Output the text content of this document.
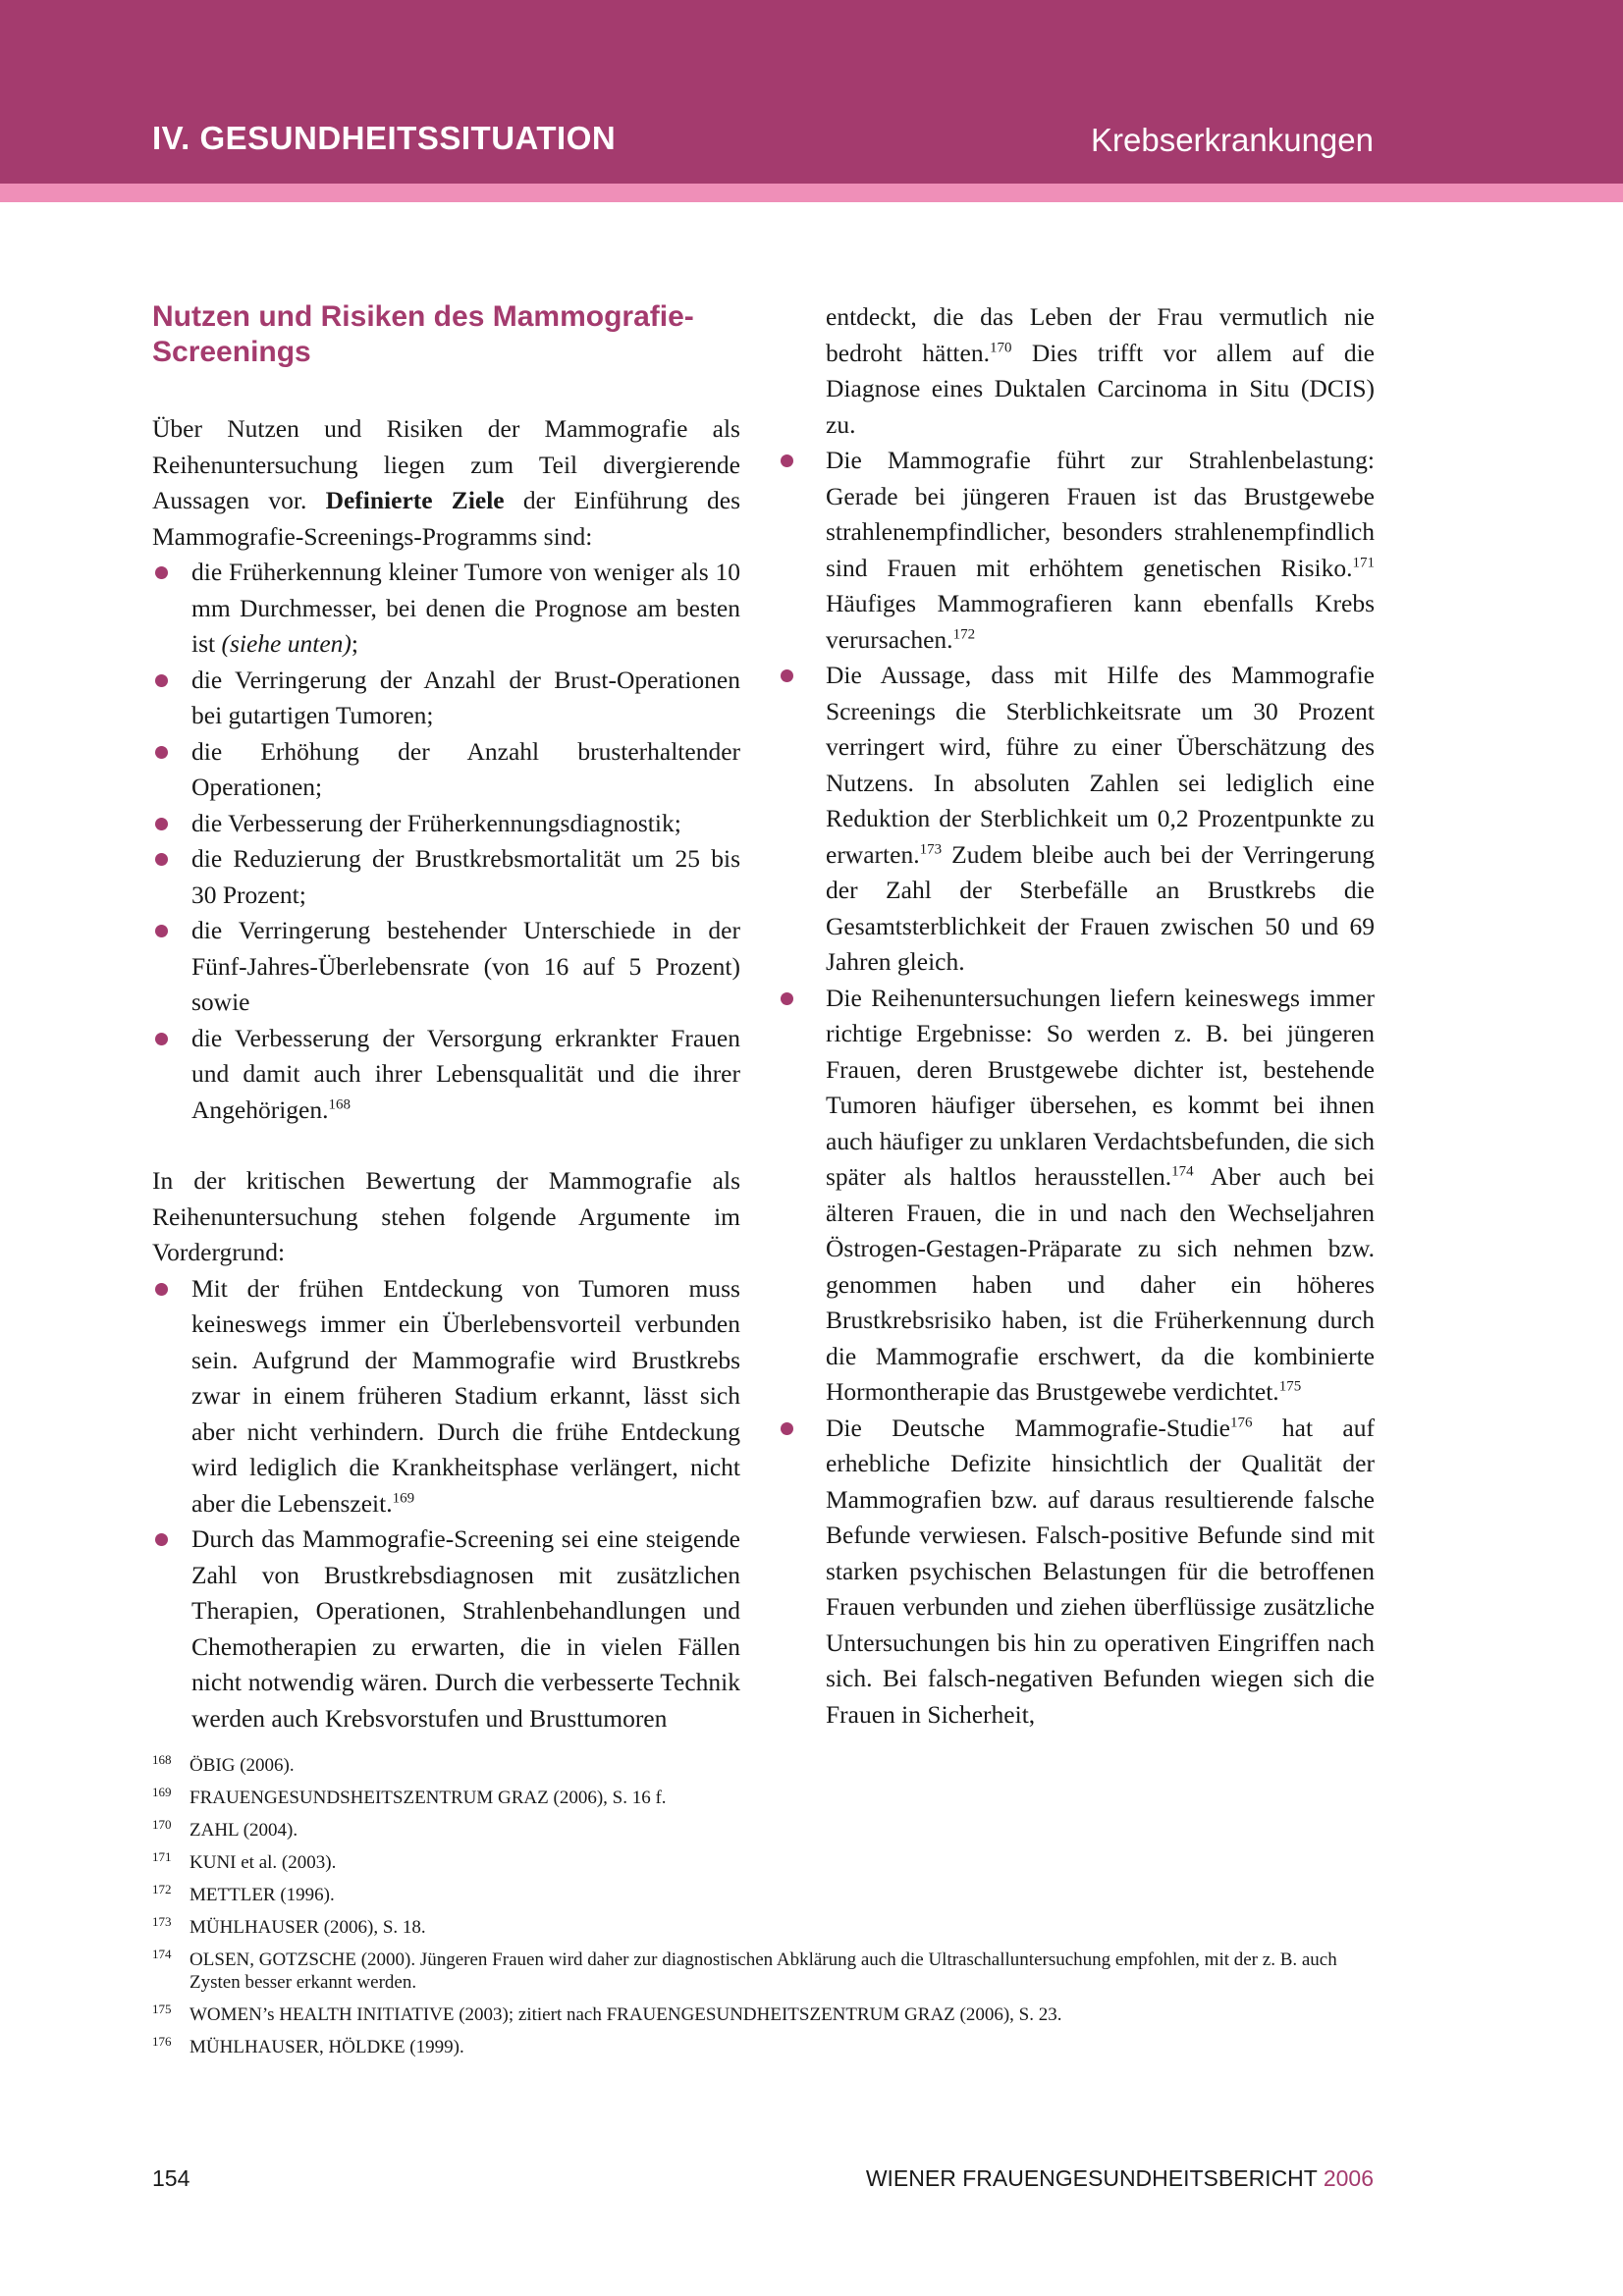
IV. GESUNDHEITSSITUATION	Krebserkrankungen
Nutzen und Risiken des Mammografie-
Screenings

Über Nutzen und Risiken der Mammografie als Reihenuntersuchung liegen zum Teil divergierende Aussagen vor. Definierte Ziele der Einführung des Mammografie-Screenings-Programms sind:

die Früherkennung kleiner Tumore von weniger als 10 mm Durchmesser, bei denen die Prognose am besten ist (siehe unten);
die Verringerung der Anzahl der Brust-Operationen bei gutartigen Tumoren;
die Erhöhung der Anzahl brusterhaltender Operationen;
die Verbesserung der Früherkennungsdiagnostik;
die Reduzierung der Brustkrebsmortalität um 25 bis 30 Prozent;
die Verringerung bestehender Unterschiede in der Fünf-Jahres-Überlebensrate (von 16 auf 5 Prozent) sowie
die Verbesserung der Versorgung erkrankter Frauen und damit auch ihrer Lebensqualität und die ihrer Angehörigen.$^{168}$

In der kritischen Bewertung der Mammografie als Reihenuntersuchung stehen folgende Argumente im Vordergrund:

Mit der frühen Entdeckung von Tumoren muss keineswegs immer ein Überlebensvorteil verbunden sein. Aufgrund der Mammografie wird Brustkrebs zwar in einem früheren Stadium erkannt, lässt sich aber nicht verhindern. Durch die frühe Entdeckung wird lediglich die Krankheitsphase verlängert, nicht aber die Lebenszeit.$^{169}$
Durch das Mammografie-Screening sei eine steigende Zahl von Brustkrebsdiagnosen mit zusätzlichen Therapien, Operationen, Strahlenbehandlungen und Chemotherapien zu erwarten, die in vielen Fällen nicht notwendig wären. Durch die verbesserte Technik werden auch Krebsvorstufen und Brusttumoren

entdeckt, die das Leben der Frau vermutlich nie bedroht hätten.$^{170}$ Dies trifft vor allem auf die Diagnose eines Duktalen Carcinoma in Situ (DCIS) zu.

Die Mammografie führt zur Strahlenbelastung: Gerade bei jüngeren Frauen ist das Brustgewebe strahlenempfindlicher, besonders strahlenempfindlich sind Frauen mit erhöhtem genetischen Risiko.$^{171}$ Häufiges Mammografieren kann ebenfalls Krebs verursachen.$^{172}$
Die Aussage, dass mit Hilfe des Mammografie Screenings die Sterblichkeitsrate um 30 Prozent verringert wird, führe zu einer Überschätzung des Nutzens. In absoluten Zahlen sei lediglich eine Reduktion der Sterblichkeit um 0,2 Prozentpunkte zu erwarten.$^{173}$ Zudem bleibe auch bei der Verringerung der Zahl der Sterbefälle an Brustkrebs die Gesamtsterblichkeit der Frauen zwischen 50 und 69 Jahren gleich.
Die Reihenuntersuchungen liefern keineswegs immer richtige Ergebnisse: So werden z. B. bei jüngeren Frauen, deren Brustgewebe dichter ist, bestehende Tumoren häufiger übersehen, es kommt bei ihnen auch häufiger zu unklaren Verdachtsbefunden, die sich später als haltlos herausstellen.$^{174}$ Aber auch bei älteren Frauen, die in und nach den Wechseljahren Östrogen-Gestagen-Präparate zu sich nehmen bzw. genommen haben und daher ein höheres Brustkrebsrisiko haben, ist die Früherkennung durch die Mammografie erschwert, da die kombinierte Hormontherapie das Brustgewebe verdichtet.$^{175}$
Die Deutsche Mammografie-Studie$^{176}$ hat auf erhebliche Defizite hinsichtlich der Qualität der Mammografien bzw. auf daraus resultierende falsche Befunde verwiesen. Falsch-positive Befunde sind mit starken psychischen Belastungen für die betroffenen Frauen verbunden und ziehen überflüssige zusätzliche Untersuchungen bis hin zu operativen Eingriffen nach sich. Bei falsch-negativen Befunden wiegen sich die Frauen in Sicherheit,
168 ÖBIG (2006).
169 FRAUENGESUNDSHEITSZENTRUM GRAZ (2006), S. 16 f.
170 ZAHL (2004).
171 KUNI et al. (2003).
172 METTLER (1996).
173 MÜHLHAUSER (2006), S. 18.
174 OLSEN, GOTZSCHE (2000). Jüngeren Frauen wird daher zur diagnostischen Abklärung auch die Ultraschalluntersuchung empfohlen, mit der z. B. auch Zysten besser erkannt werden.
175 WOMEN’s HEALTH INITIATIVE (2003); zitiert nach FRAUENGESUNDHEITSZENTRUM GRAZ (2006), S. 23.
176 MÜHLHAUSER, HÖLDKE (1999).
154	WIENER FRAUENGESUNDHEITSBERICHT 2006
